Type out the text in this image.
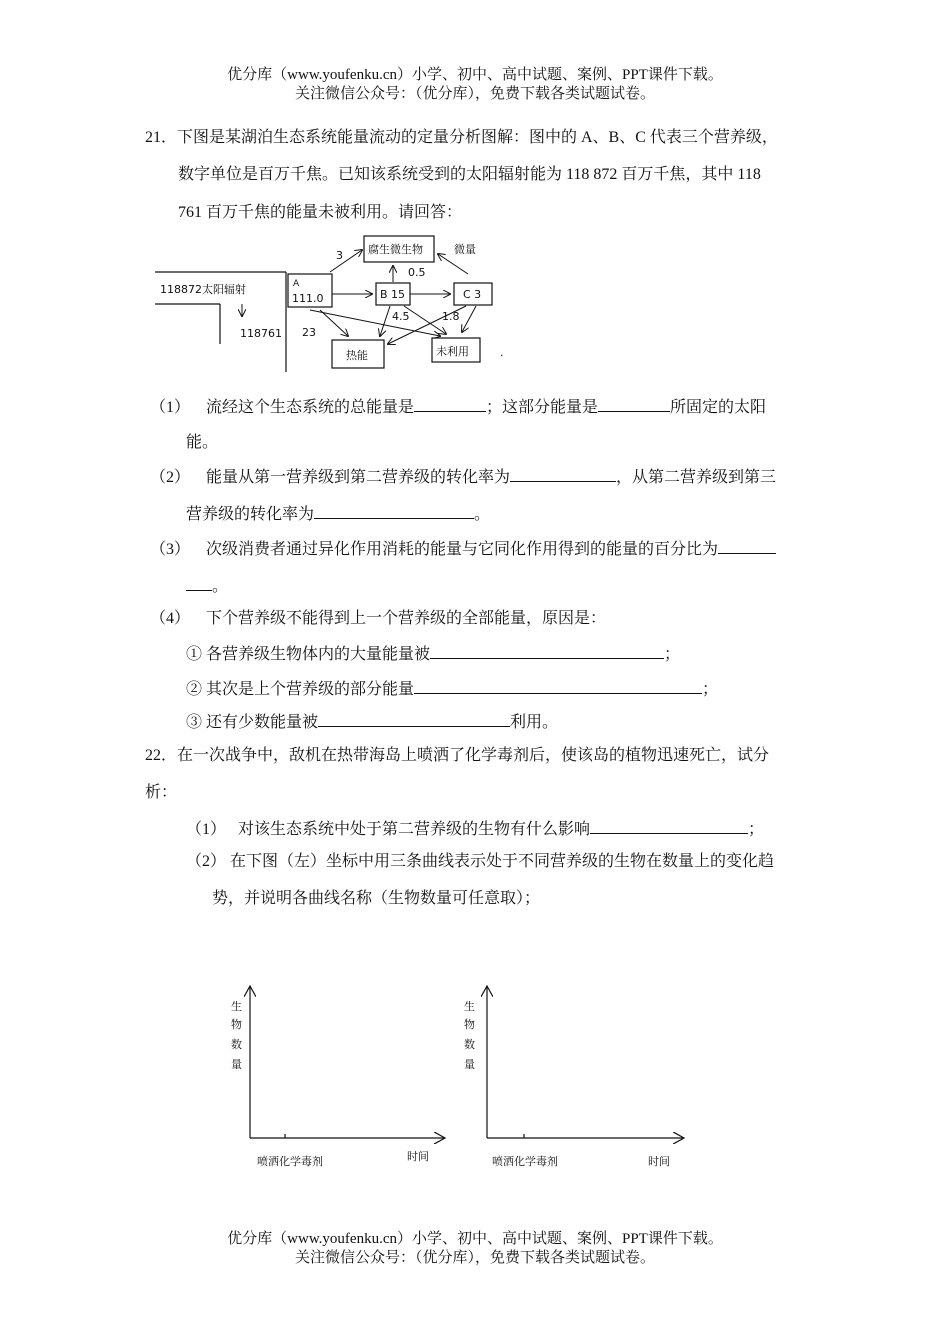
优分库（www.youfenku.cn）小学、初中、高中试题、案例、PPT课件下载。
关注微信公众号：（优分库），免费下载各类试题试卷。
21．下图是某湖泊生态系统能量流动的定量分析图解：图中的 A、B、C 代表三个营养级，
数字单位是百万千焦。已知该系统受到的太阳辐射能为 118 872 百万千焦，其中 118
761 百万千焦的能量未被利用。请回答：
118872太阳辐射
118761
A
111.0	B 15	C 3
腐生微生物	微量
热能	未利用
3
0.5
23
4.5	1.8
.
（1） 流经这个生态系统的总能量是	；这部分能量是	所固定的太阳
能。
（2） 能量从第一营养级到第二营养级的转化率为	，从第二营养级到第三
营养级的转化率为	。
（3） 次级消费者通过异化作用消耗的能量与它同化作用得到的能量的百分比为
。
（4） 下个营养级不能得到上一个营养级的全部能量，原因是：
① 各营养级生物体内的大量能量被	；
② 其次是上个营养级的部分能量	；
③ 还有少数能量被	利用。
22．在一次战争中，敌机在热带海岛上喷洒了化学毒剂后，使该岛的植物迅速死亡，试分
析：
（1） 对该生态系统中处于第二营养级的生物有什么影响	；
（2） 在下图（左）坐标中用三条曲线表示处于不同营养级的生物在数量上的变化趋
势，并说明各曲线名称（生物数量可任意取）；
生
物
数
量
喷洒化学毒剂	时间
生
物
数
量
喷洒化学毒剂	时间
优分库（www.youfenku.cn）小学、初中、高中试题、案例、PPT课件下载。
关注微信公众号：（优分库），免费下载各类试题试卷。
